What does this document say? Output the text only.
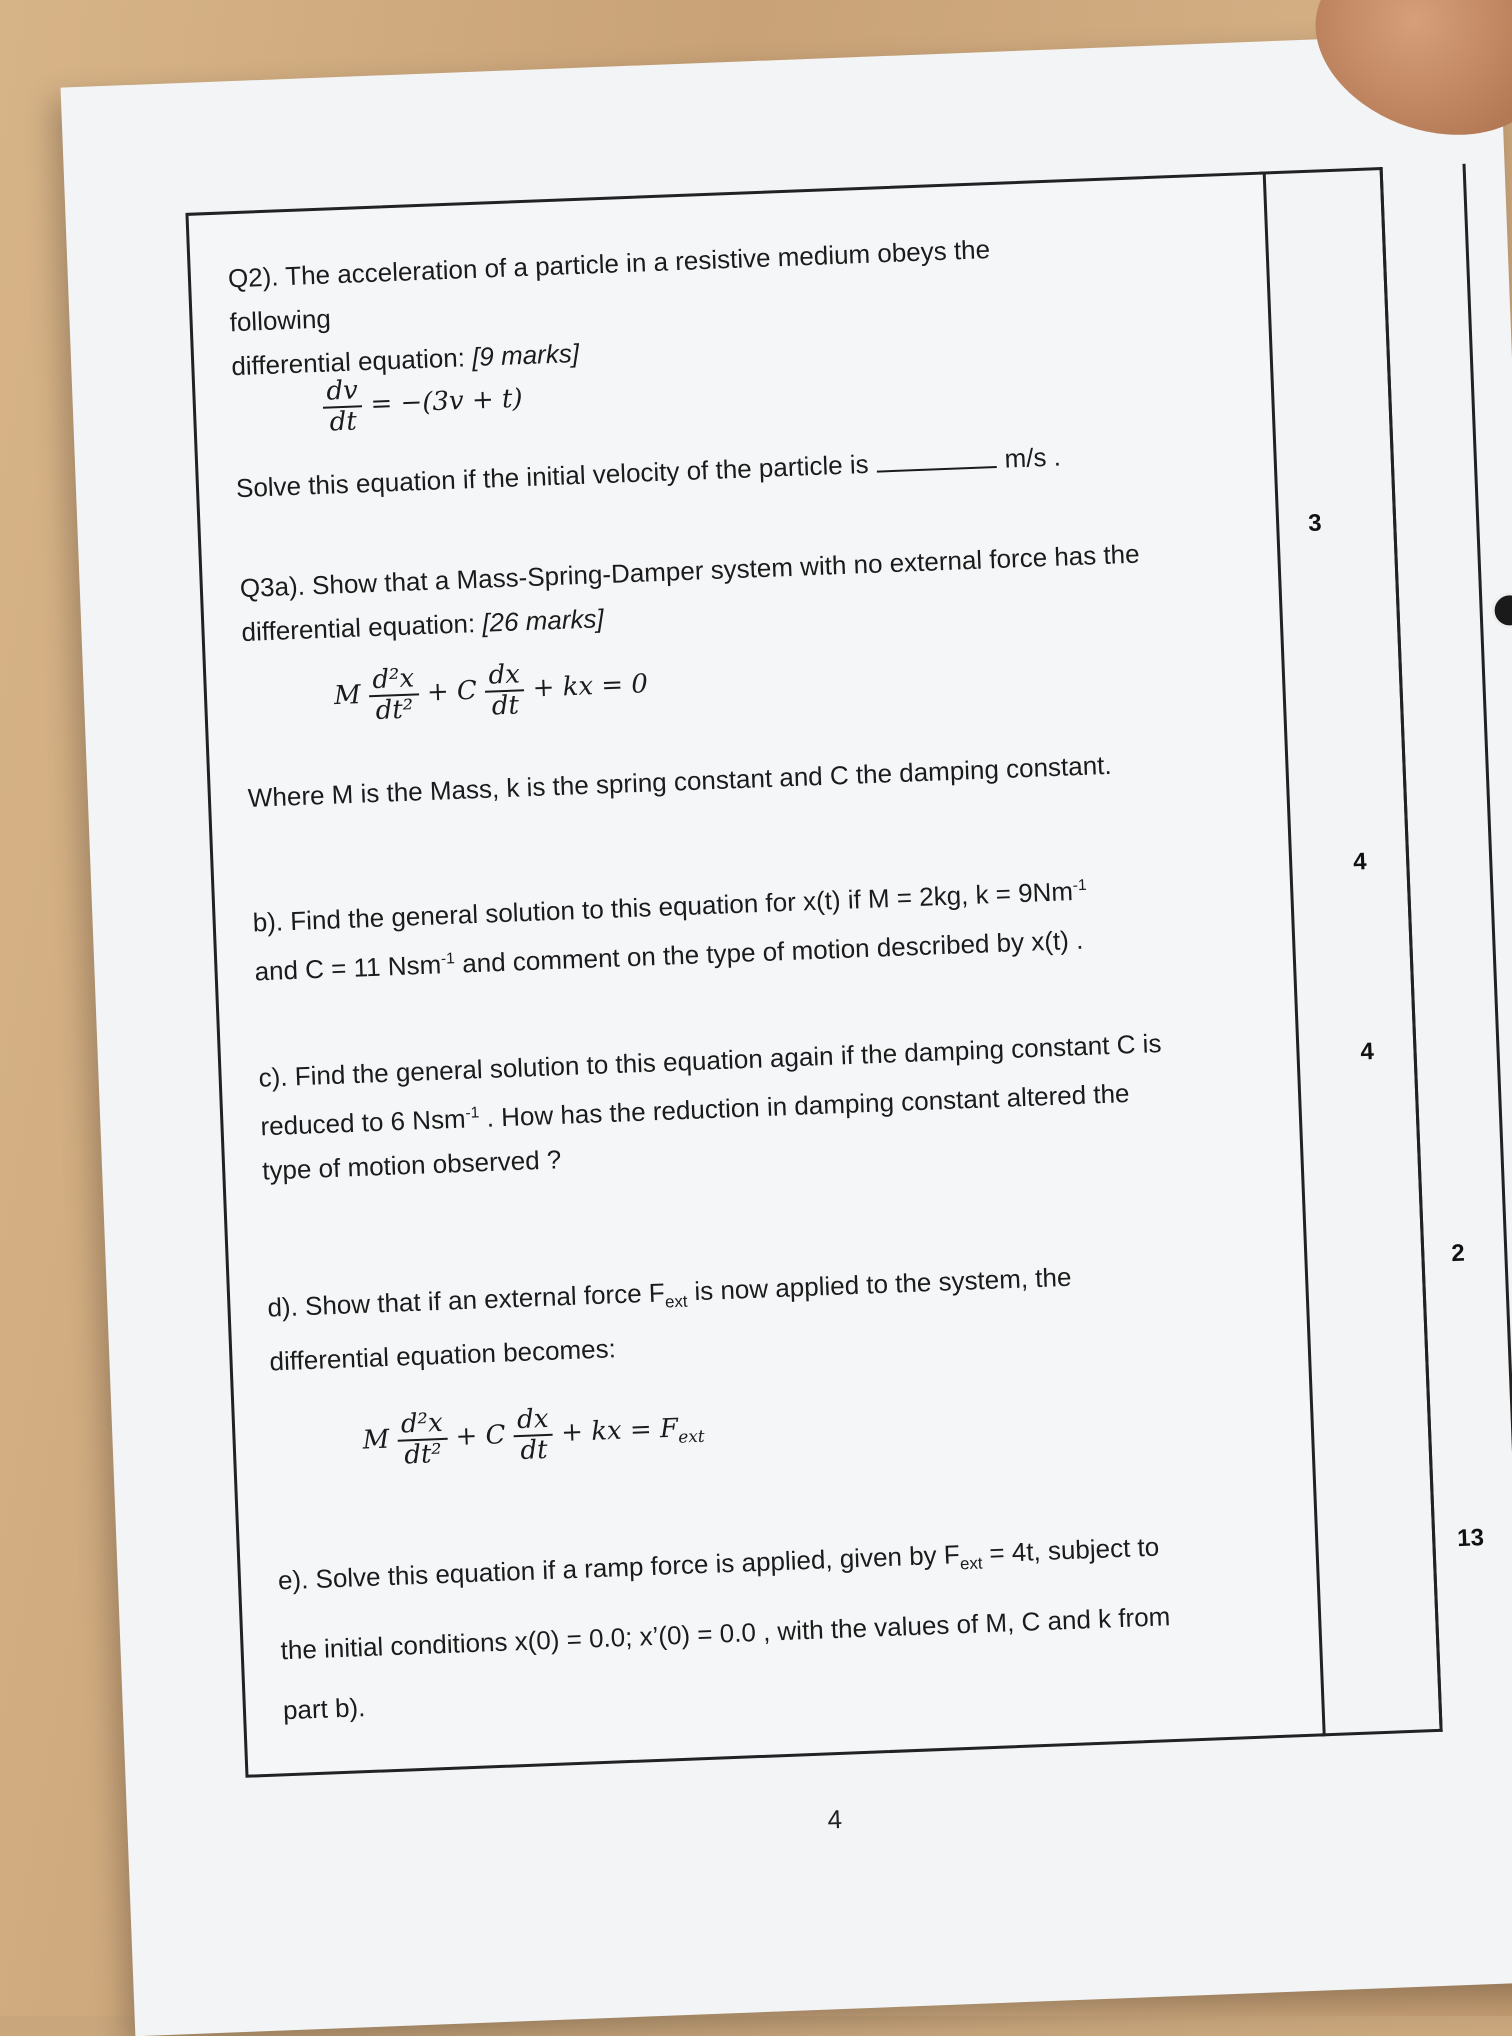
Q2). The acceleration of a particle in a resistive medium obeys the following
differential equation: [9 marks]
$\frac{dv}{dt} = -(3v + t)$
Solve this equation if the initial velocity of the particle is	m/s .
Q3a). Show that a Mass-Spring-Damper system with no external force has the
differential equation: [26 marks]
3
M $\frac{\text{d²x}}{\text{dt²}} + C \frac{dx}{dt}$ + kx = 0
Where M is the Mass, k is the spring constant and C the damping constant.
b). Find the general solution to this equation for x(t) if M = 2kg, $k = 9Nm^{-1}$
and C = 11 Nsm$^{-1}$ and comment on the type of motion described by x(t) .
4
c). Find the general solution to this equation again if the damping constant C is
reduced to 6 Nsm$^{-1}$ . How has the reduction in damping constant altered the
type of motion observed ?
4
d). Show that if an external force $F_{ext}$ is now applied to the system, the
differential equation becomes:
2
M $\frac{\text{d²x}}{\text{dt²}} + C \frac{dx}{dt}$ + kx = $F_{ext}$
e). Solve this equation if a ramp force is applied, given by $F_{ext} = 4t$, subject to
the initial conditions x(0) = 0.0; x’(0) = 0.0 , with the values of M, C and k from
part b).
13
4
